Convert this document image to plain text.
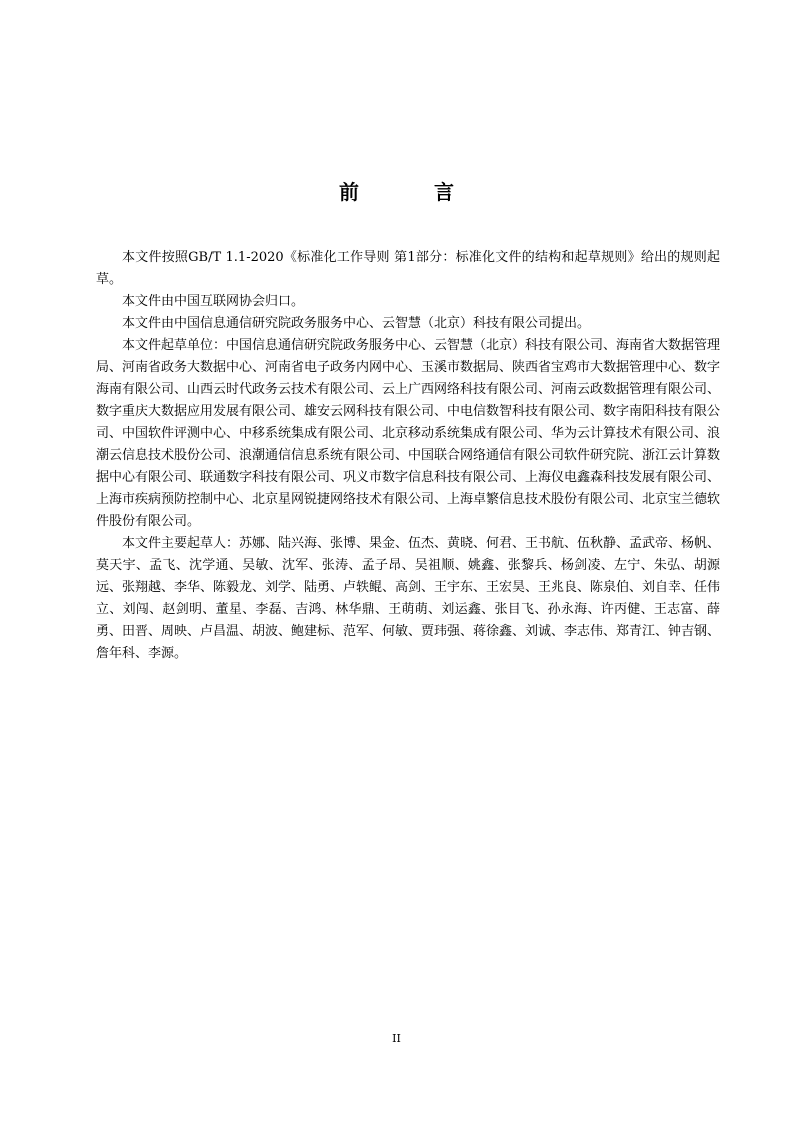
前 言

本文件按照GB/T 1.1-2020《标准化工作导则 第1部分：标准化文件的结构和起草规则》给出的规则起草。

本文件由中国互联网协会归口。

本文件由中国信息通信研究院政务服务中心、云智慧（北京）科技有限公司提出。

本文件起草单位：中国信息通信研究院政务服务中心、云智慧（北京）科技有限公司、海南省大数据管理局、河南省政务大数据中心、河南省电子政务内网中心、玉溪市数据局、陕西省宝鸡市大数据管理中心、数字海南有限公司、山西云时代政务云技术有限公司、云上广西网络科技有限公司、河南云政数据管理有限公司、数字重庆大数据应用发展有限公司、雄安云网科技有限公司、中电信数智科技有限公司、数字南阳科技有限公司、中国软件评测中心、中移系统集成有限公司、北京移动系统集成有限公司、华为云计算技术有限公司、浪潮云信息技术股份公司、浪潮通信信息系统有限公司、中国联合网络通信有限公司软件研究院、浙江云计算数据中心有限公司、联通数字科技有限公司、巩义市数字信息科技有限公司、上海仪电鑫森科技发展有限公司、上海市疾病预防控制中心、北京星网锐捷网络技术有限公司、上海卓繁信息技术股份有限公司、北京宝兰德软件股份有限公司。

本文件主要起草人：苏娜、陆兴海、张博、果金、伍杰、黄晓、何君、王书航、伍秋静、孟武帝、杨帆、莫天宇、孟飞、沈学通、吴敏、沈军、张涛、孟子昂、吴祖顺、姚鑫、张黎兵、杨剑凌、左宁、朱弘、胡源远、张翔越、李华、陈毅龙、刘学、陆勇、卢轶鲲、高剑、王宇东、王宏昊、王兆良、陈泉伯、刘自幸、任伟立、刘闯、赵剑明、董星、李磊、吉鸿、林华鼎、王萌萌、刘运鑫、张目飞、孙永海、许丙健、王志富、薛勇、田晋、周映、卢昌温、胡波、鲍建标、范军、何敏、贾玮强、蒋徐鑫、刘诚、李志伟、郑青江、钟吉钢、詹年科、李源。

II
